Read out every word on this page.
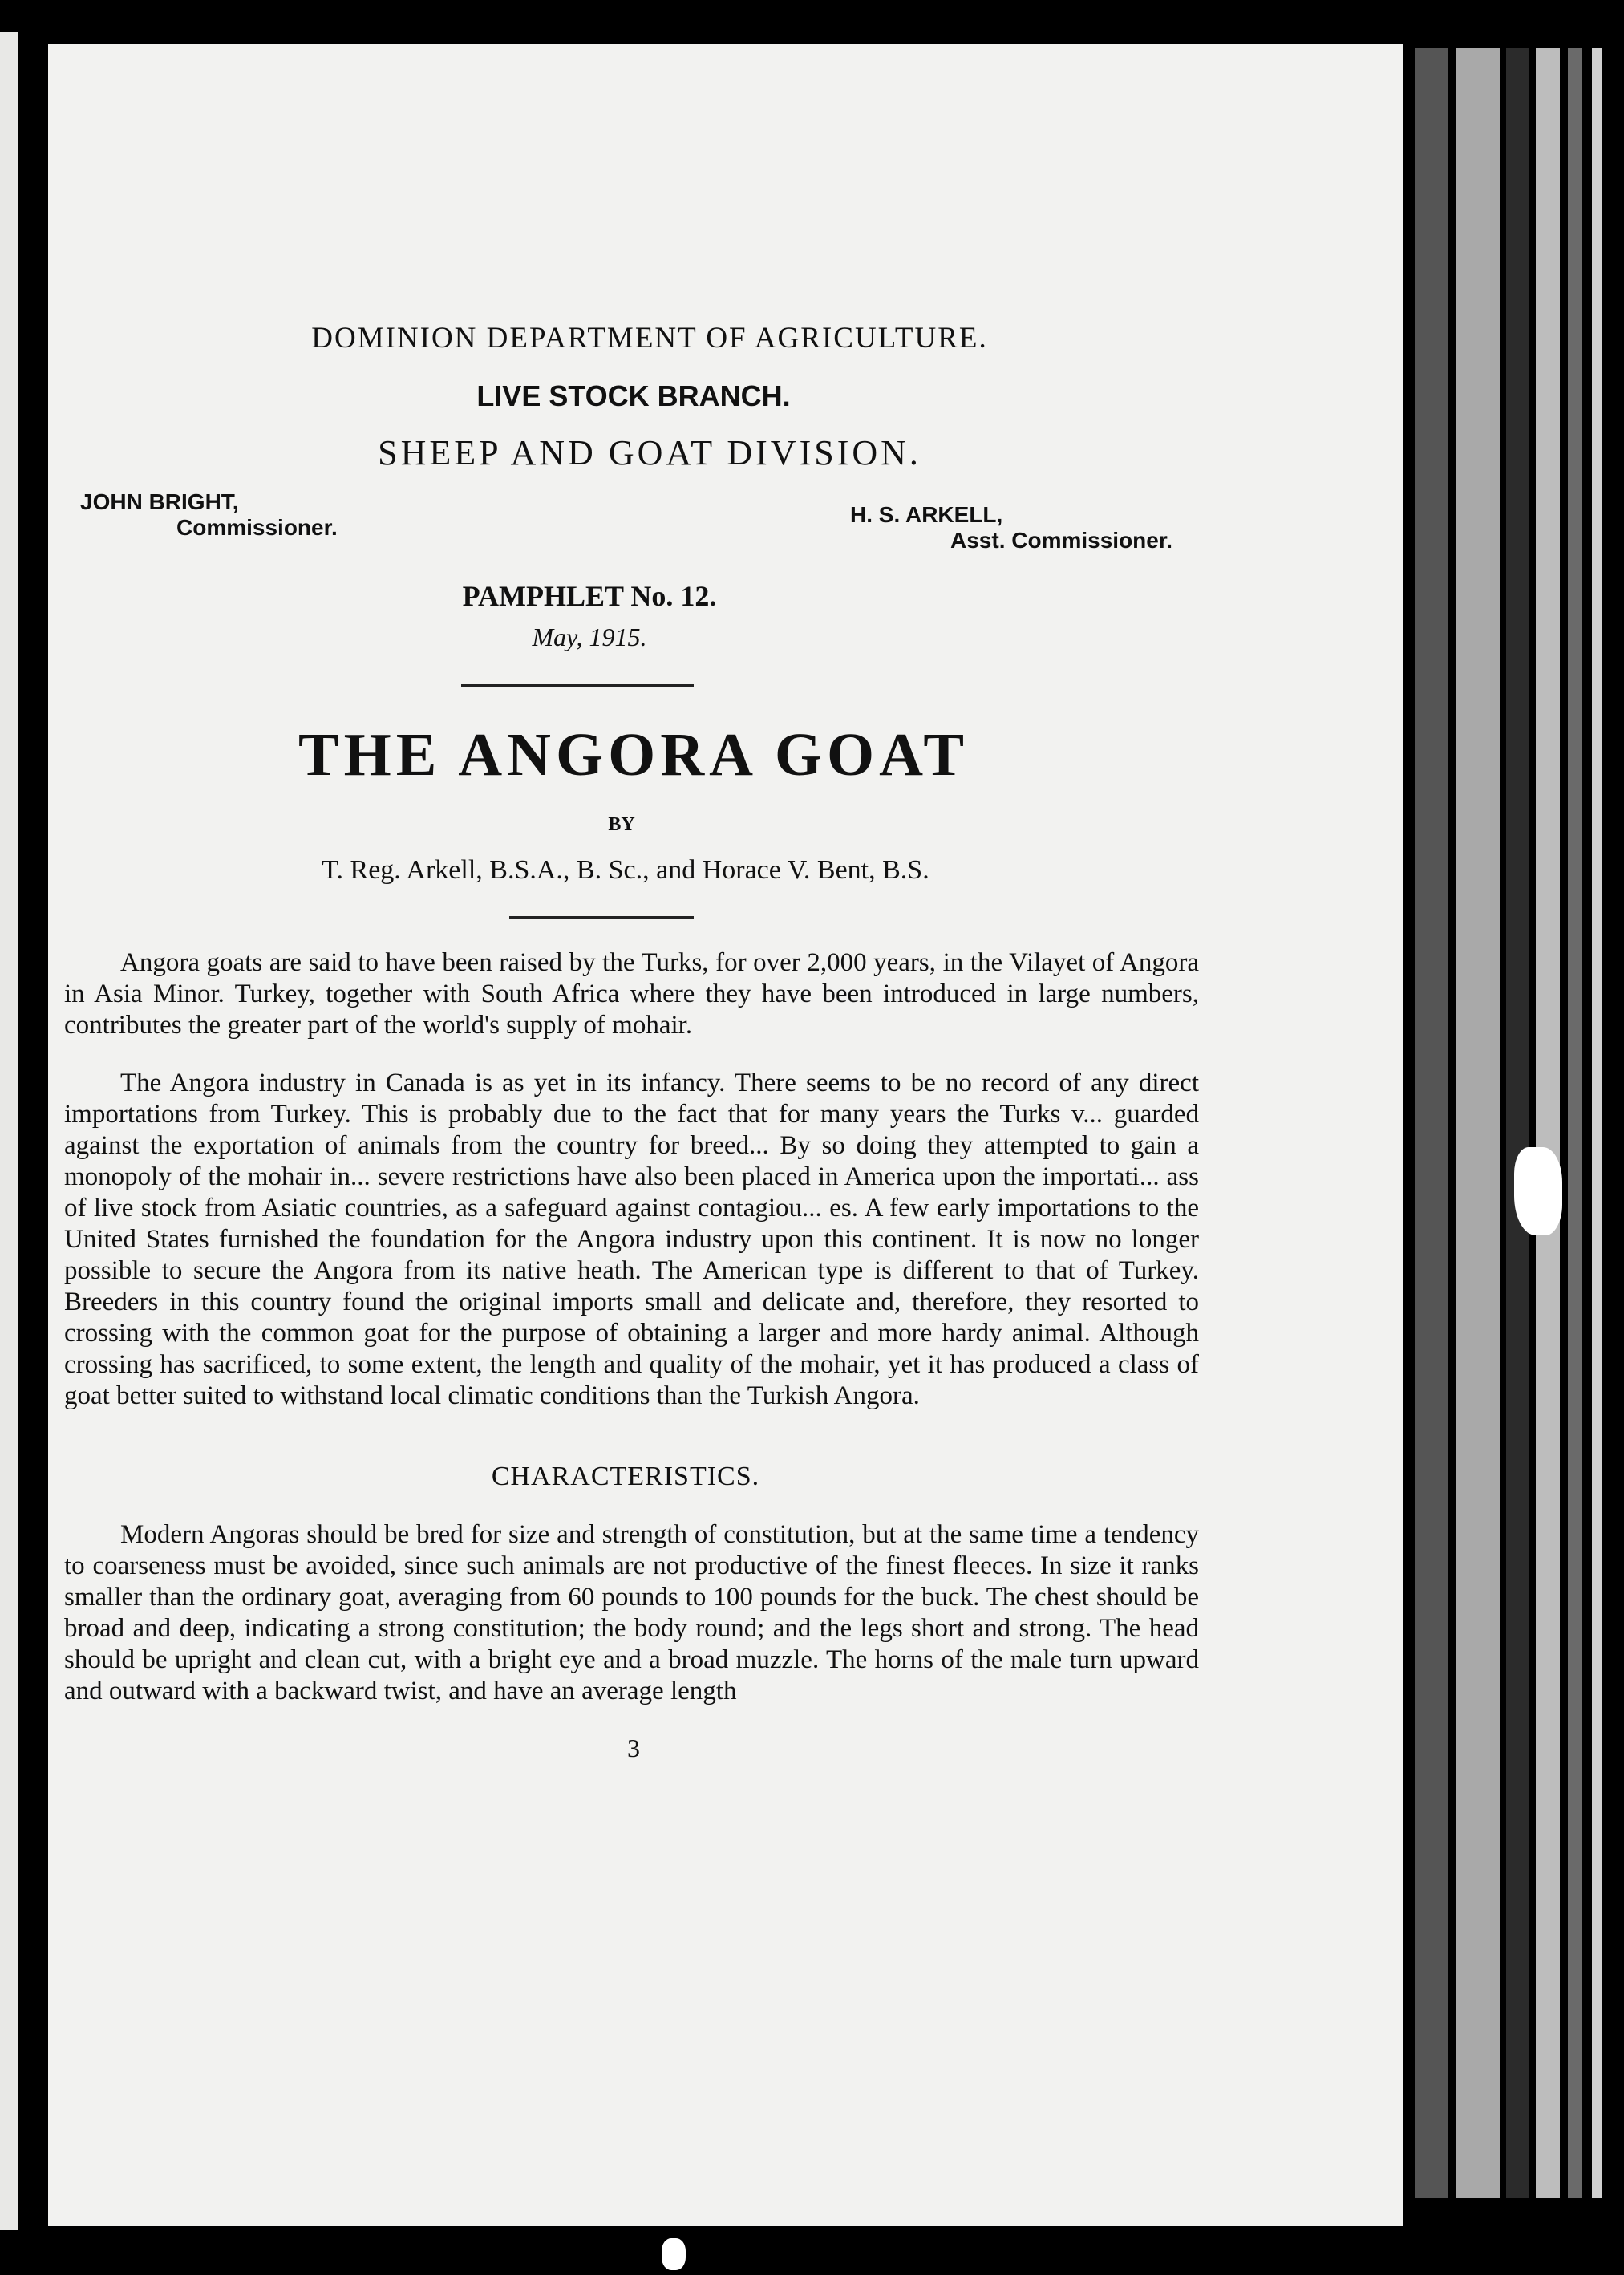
DOMINION DEPARTMENT OF AGRICULTURE.
LIVE STOCK BRANCH.
SHEEP AND GOAT DIVISION.
JOHN BRIGHT,
Commissioner.
H. S. ARKELL,
Asst. Commissioner.
PAMPHLET No. 12.
May, 1915.
THE ANGORA GOAT
BY
T. Reg. Arkell, B.S.A., B. Sc., and Horace V. Bent, B.S.

Angora goats are said to have been raised by the Turks, for over 2,000 years, in the Vilayet of Angora in Asia Minor. Turkey, together with South Africa where they have been introduced in large numbers, contributes the greater part of the world's supply of mohair.

The Angora industry in Canada is as yet in its infancy. There seems to be no record of any direct importations from Turkey. This is probably due to the fact that for many years the Turks v... guarded against the exportation of animals from the country for breed... By so doing they attempted to gain a monopoly of the mohair in... severe restrictions have also been placed in America upon the importati... ass of live stock from Asiatic countries, as a safeguard against contagiou... es. A few early importations to the United States furnished the foundation for the Angora industry upon this continent. It is now no longer possible to secure the Angora from its native heath. The American type is different to that of Turkey. Breeders in this country found the original imports small and delicate and, therefore, they resorted to crossing with the common goat for the purpose of obtaining a larger and more hardy animal. Although crossing has sacrificed, to some extent, the length and quality of the mohair, yet it has produced a class of goat better suited to withstand local climatic conditions than the Turkish Angora.

CHARACTERISTICS.

Modern Angoras should be bred for size and strength of constitution, but at the same time a tendency to coarseness must be avoided, since such animals are not productive of the finest fleeces. In size it ranks smaller than the ordinary goat, averaging from 60 pounds to 100 pounds for the buck. The chest should be broad and deep, indicating a strong constitution; the body round; and the legs short and strong. The head should be upright and clean cut, with a bright eye and a broad muzzle. The horns of the male turn upward and outward with a backward twist, and have an average length

3
